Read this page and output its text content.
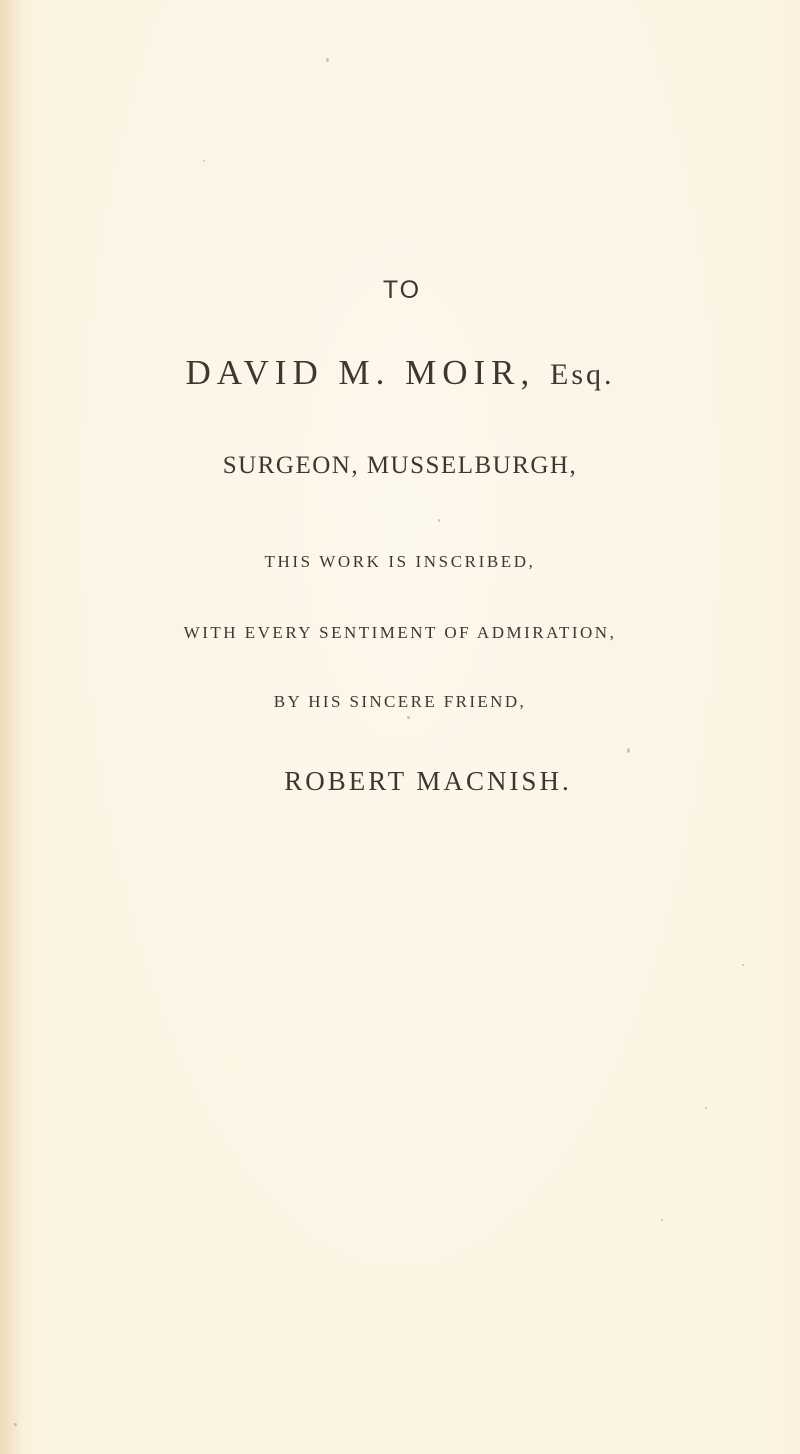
TO
DAVID M. MOIR, Esq.
SURGEON, MUSSELBURGH,
THIS WORK IS INSCRIBED,
WITH EVERY SENTIMENT OF ADMIRATION,
BY HIS SINCERE FRIEND,
ROBERT MACNISH.
